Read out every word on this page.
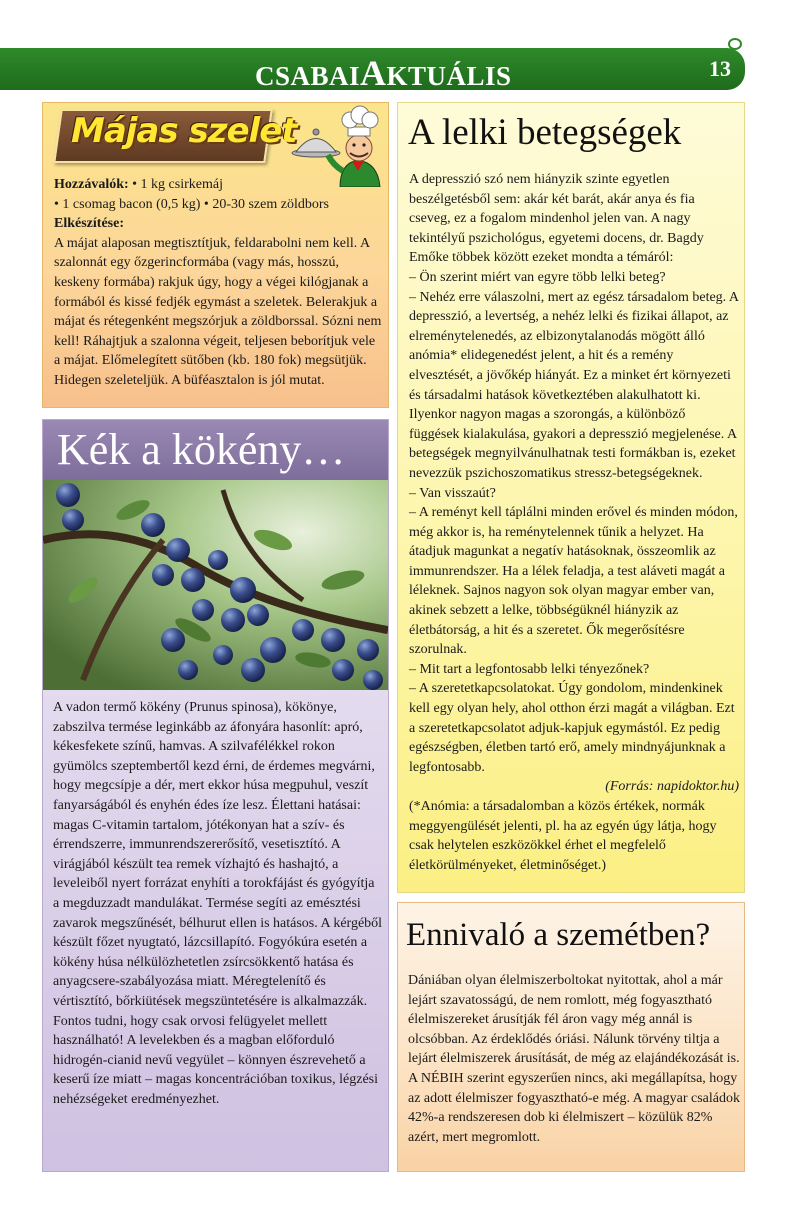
CSABAIAKTUÁLIS	13
Májas szelet

Hozzávalók: • 1 kg csirkemáj

• 1 csomag bacon (0,5 kg) • 20-30 szem zöldbors

Elkészítése:

A májat alaposan megtisztítjuk, feldarabolni nem kell. A szalonnát egy őzgerincformába (vagy más, hosszú, keskeny formába) rakjuk úgy, hogy a végei kilógjanak a formából és kissé fedjék egymást a szeletek. Belerakjuk a májat és rétegenként megszórjuk a zöldborssal. Sózni nem kell! Ráhajtjuk a szalonna végeit, teljesen beborítjuk vele a májat. Előmelegített sütőben (kb. 180 fok) megsütjük. Hidegen szeleteljük. A büféasztalon is jól mutat.

Kék a kökény…

A vadon termő kökény (Prunus spinosa), kökönye, zabszilva termése leginkább az áfonyára hasonlít: apró, kékesfekete színű, hamvas. A szilvafélékkel rokon gyümölcs szeptembertől kezd érni, de érdemes megvárni, hogy megcsípje a dér, mert ekkor húsa megpuhul, veszít fanyarságából és enyhén édes íze lesz. Élettani hatásai: magas C-vitamin tartalom, jótékonyan hat a szív- és érrendszerre, immunrendszererősítő, vesetisztító. A virágjából készült tea remek vízhajtó és hashajtó, a leveleiből nyert forrázat enyhíti a torokfájást és gyógyítja a megduzzadt mandulákat. Termése segíti az emésztési zavarok megszűnését, bélhurut ellen is hatásos. A kérgéből készült főzet nyugtató, lázcsillapító. Fogyókúra esetén a kökény húsa nélkülözhetetlen zsírcsökkentő hatása és anyagcsere-szabályozása miatt. Méregtelenítő és vértisztító, bőrkiütések megszüntetésére is alkalmazzák.

Fontos tudni, hogy csak orvosi felügyelet mellett használható! A levelekben és a magban előforduló hidrogén-cianid nevű vegyület – könnyen észrevehető a keserű íze miatt – magas koncentrációban toxikus, légzési nehézségeket eredményezhet.

A lelki betegségek

A depresszió szó nem hiányzik szinte egyetlen beszélgetésből sem: akár két barát, akár anya és fia cseveg, ez a fogalom mindenhol jelen van. A nagy tekintélyű pszichológus, egyetemi docens, dr. Bagdy Emőke többek között ezeket mondta a témáról:

– Ön szerint miért van egyre több lelki beteg?

– Nehéz erre válaszolni, mert az egész társadalom beteg. A depresszió, a levertség, a nehéz lelki és fizikai állapot, az elreménytelenedés, az elbizonytalanodás mögött álló anómia* elidegenedést jelent, a hit és a remény elvesztését, a jövőkép hiányát. Ez a minket ért környezeti és társadalmi hatások következtében alakulhatott ki. Ilyenkor nagyon magas a szorongás, a különböző függések kialakulása, gyakori a depresszió megjelenése. A betegségek megnyilvánulhatnak testi formákban is, ezeket nevezzük pszichoszomatikus stressz-betegségeknek.

– Van visszaút?

– A reményt kell táplálni minden erővel és minden módon, még akkor is, ha reménytelennek tűnik a helyzet. Ha átadjuk magunkat a negatív hatásoknak, összeomlik az immunrendszer. Ha a lélek feladja, a test aláveti magát a léleknek. Sajnos nagyon sok olyan magyar ember van, akinek sebzett a lelke, többségüknél hiányzik az életbátorság, a hit és a szeretet. Ők megerősítésre szorulnak.

– Mit tart a legfontosabb lelki tényezőnek?

– A szeretetkapcsolatokat. Úgy gondolom, mindenkinek kell egy olyan hely, ahol otthon érzi magát a világban. Ezt a szeretetkapcsolatot adjuk-kapjuk egymástól. Ez pedig egészségben, életben tartó erő, amely mindnyájunknak a legfontosabb.

(Forrás: napidoktor.hu)

(*Anómia: a társadalomban a közös értékek, normák meggyengülését jelenti, pl. ha az egyén úgy látja, hogy csak helytelen eszközökkel érhet el megfelelő életkörülményeket, életminőséget.)

Ennivaló a szemétben?

Dániában olyan élelmiszerboltokat nyitottak, ahol a már lejárt szavatosságú, de nem romlott, még fogyasztható élelmiszereket árusítják fél áron vagy még annál is olcsóbban. Az érdeklődés óriási. Nálunk törvény tiltja a lejárt élelmiszerek árusítását, de még az elajándékozását is. A NÉBIH szerint egyszerűen nincs, aki megállapítsa, hogy az adott élelmiszer fogyasztható-e még. A magyar családok 42%-a rendszeresen dob ki élelmiszert – közülük 82% azért, mert megromlott.
